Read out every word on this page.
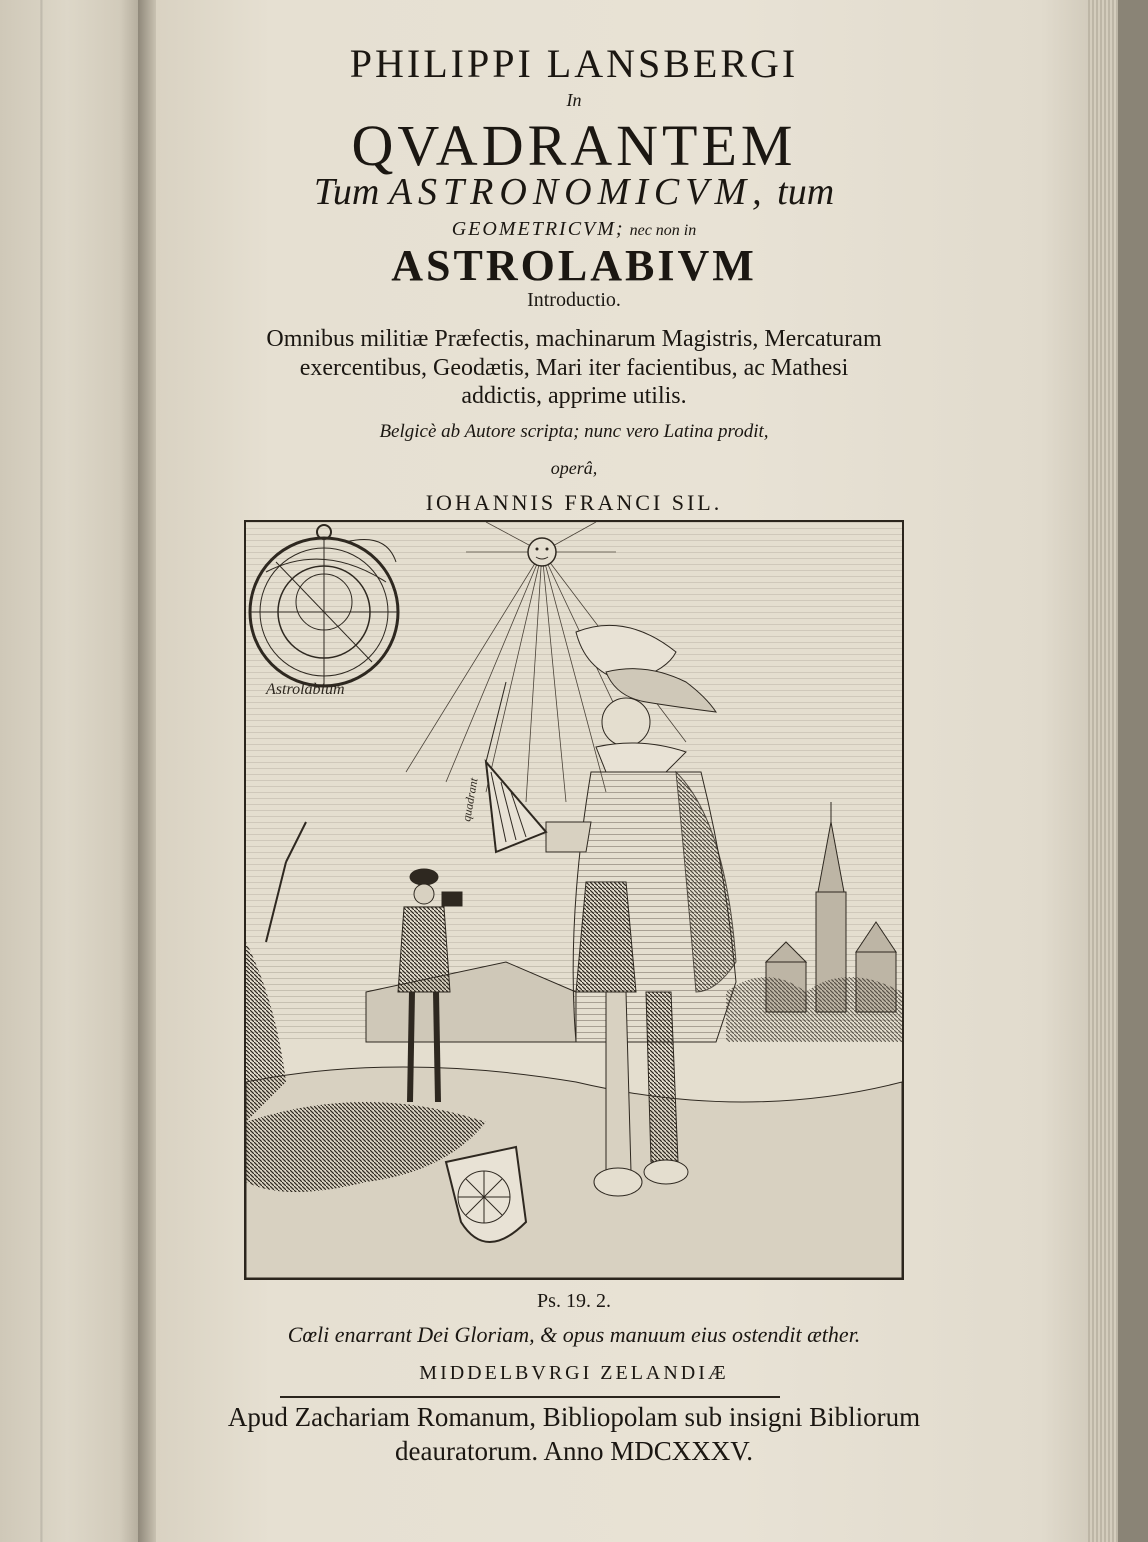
PHILIPPI LANSBERGI
In
QVADRANTEM
Tum ASTRONOMICVM, tum
GEOMETRICVM; nec non in
ASTROLABIVM
Introductio.
Omnibus militiæ Præfectis, machinarum Magistris, Mercaturam
exercentibus, Geodætis, Mari iter facientibus, ac Mathesi
addictis, apprime utilis.
Belgicè ab Autore scripta; nunc vero Latina prodit,
operâ,
IOHANNIS FRANCI SIL.
Astrolabium
quadrant
Ps. 19. 2.
Cœli enarrant Dei Gloriam, & opus manuum eius ostendit æther.
MIDDELBVRGI ZELANDIÆ
Apud Zachariam Romanum, Bibliopolam sub insigni Bibliorum
deauratorum. Anno MDCXXXV.
